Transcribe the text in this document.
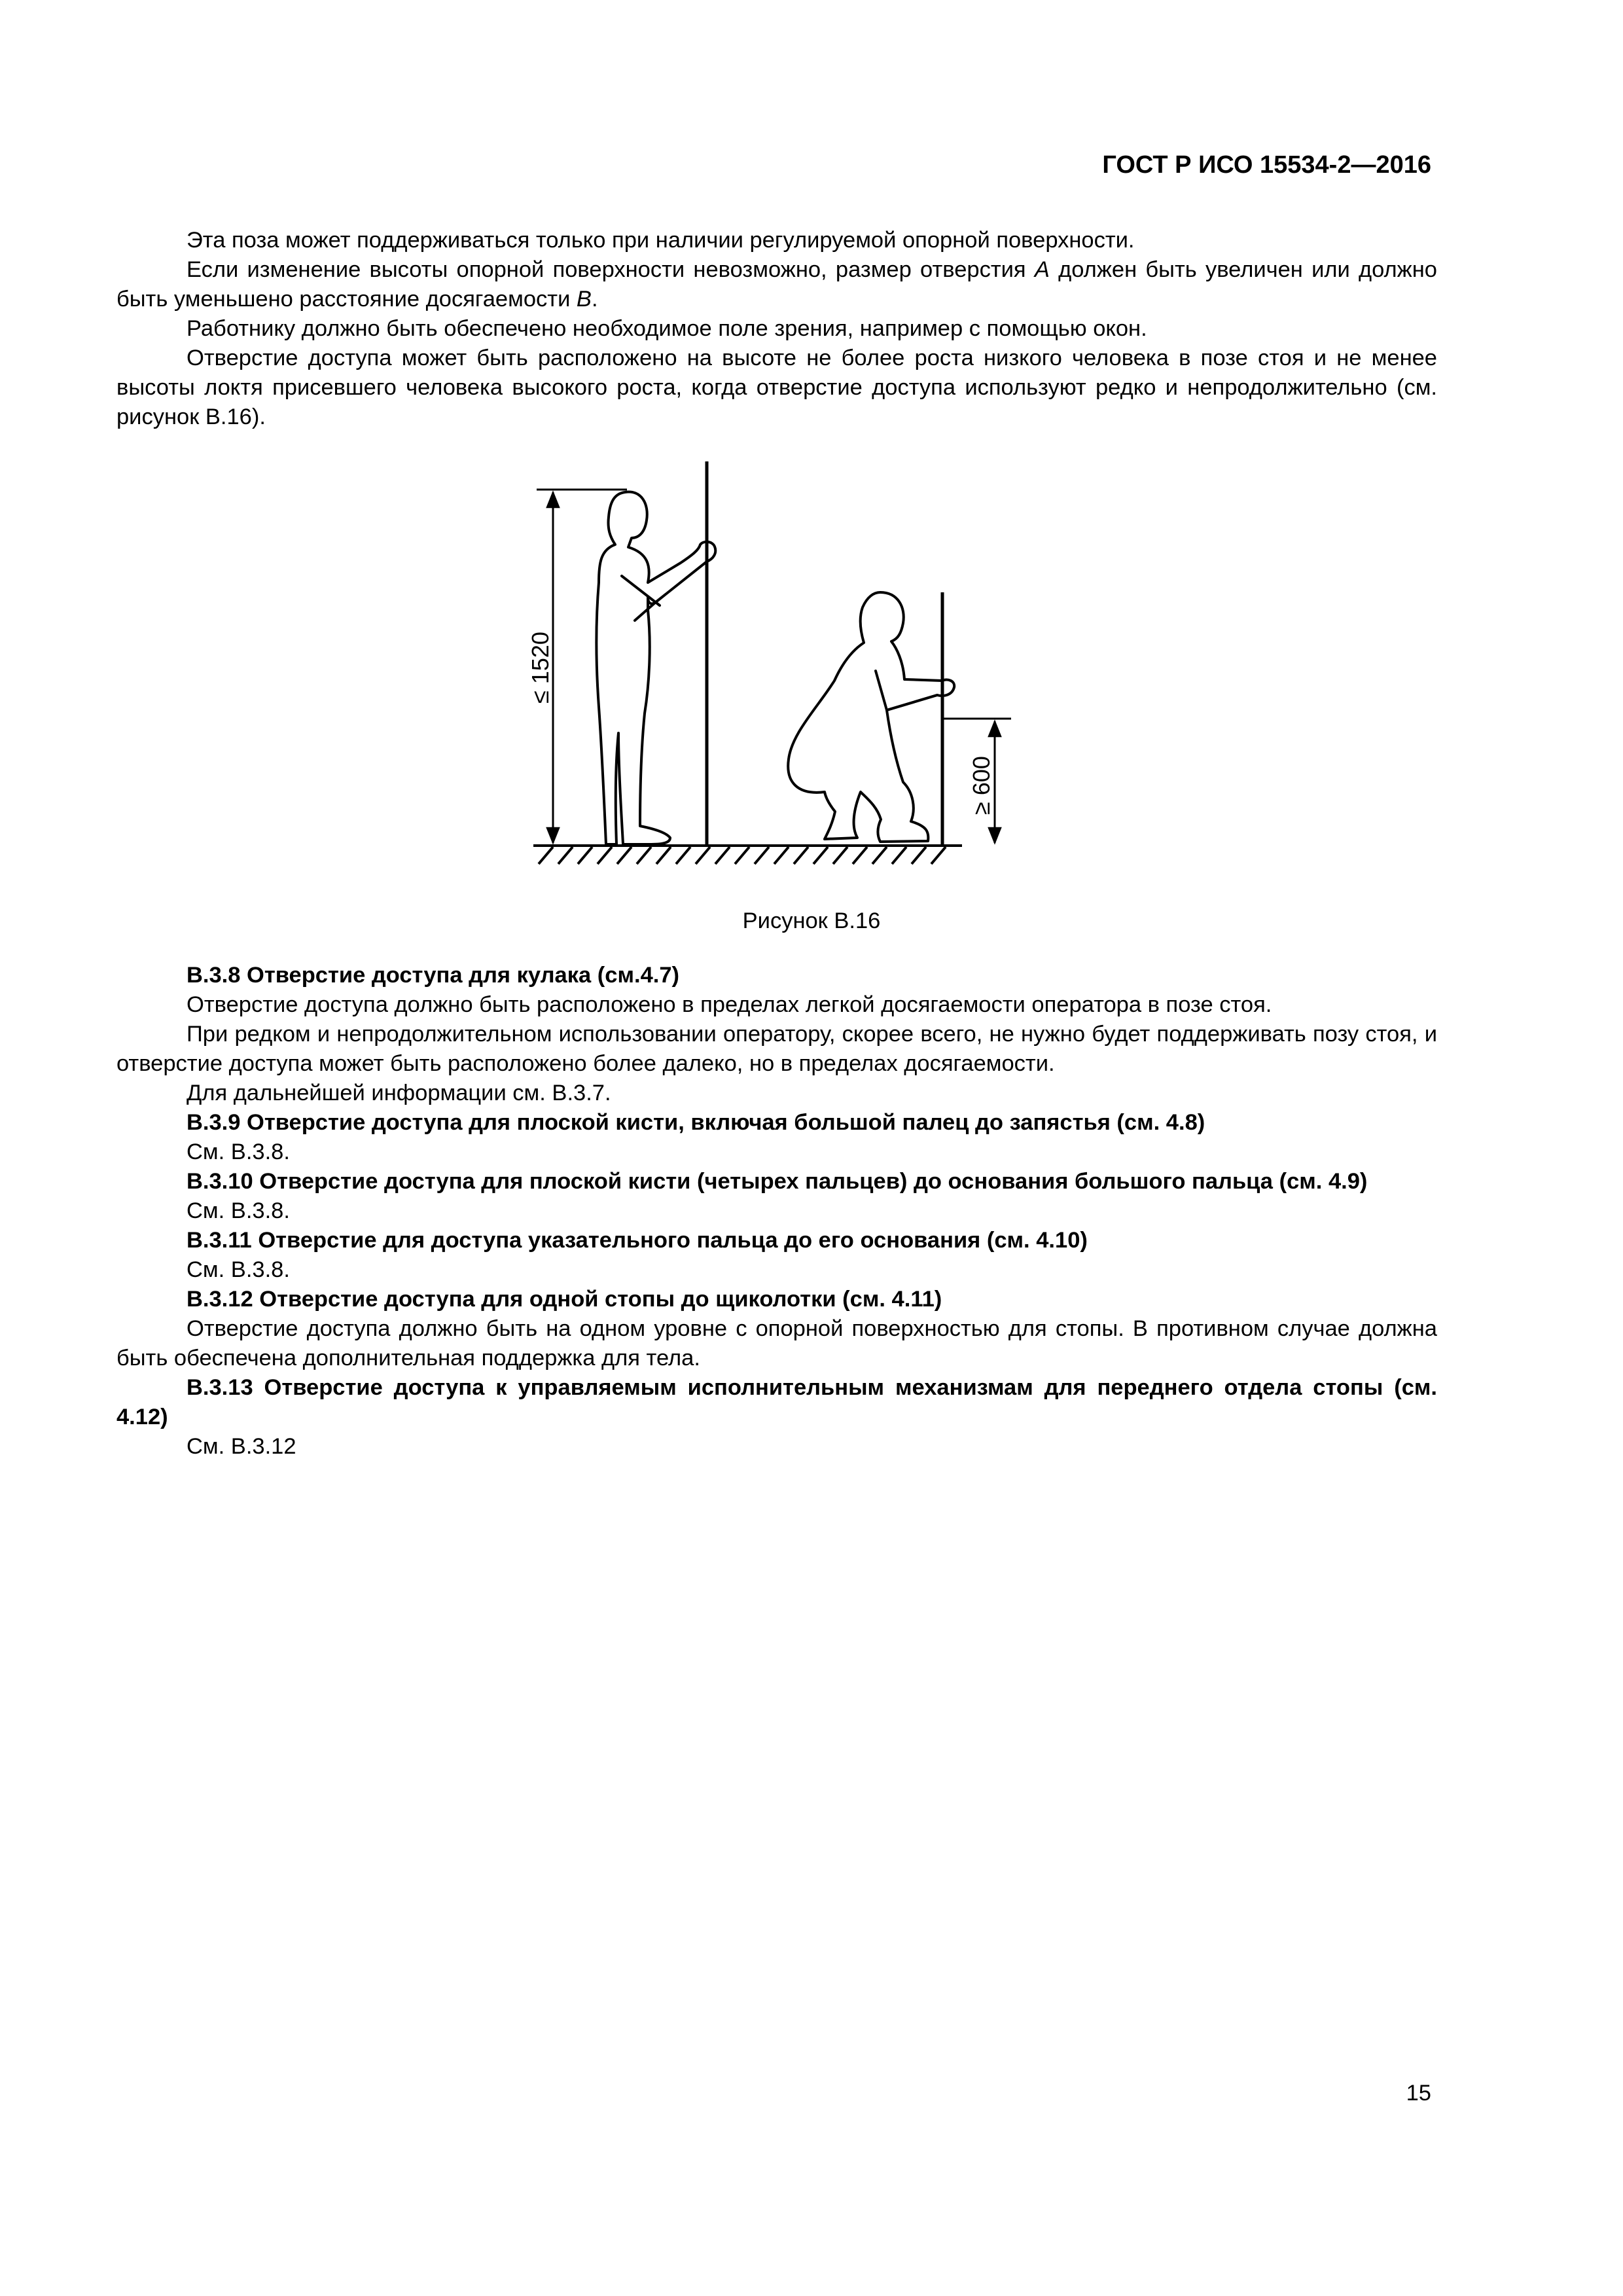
ГОСТ Р ИСО 15534-2—2016

Эта поза может поддерживаться только при наличии регулируемой опорной поверхности.

Если изменение высоты опорной поверхности невозможно, размер отверстия А должен быть увеличен или должно быть уменьшено расстояние досягаемости B.

Работнику должно быть обеспечено необходимое поле зрения, например с помощью окон.

Отверстие доступа может быть расположено на высоте не более роста низкого человека в позе стоя и не менее высоты локтя присевшего человека высокого роста, когда отверстие доступа используют редко и непродолжительно (см. рисунок В.16).

≤ 1520
≥ 600
Рисунок В.16

В.3.8 Отверстие доступа для кулака (см.4.7)

Отверстие доступа должно быть расположено в пределах легкой досягаемости оператора в позе стоя.

При редком и непродолжительном использовании оператору, скорее всего, не нужно будет поддерживать позу стоя, и отверстие доступа может быть расположено более далеко, но в пределах досягаемости.

Для дальнейшей информации см. В.3.7.

В.3.9 Отверстие доступа для плоской кисти, включая большой палец до запястья (см. 4.8)

См. В.3.8.

В.3.10 Отверстие доступа для плоской кисти (четырех пальцев) до основания большого пальца (см. 4.9)

См. В.3.8.

В.3.11 Отверстие для доступа указательного пальца до его основания (см. 4.10)

См. В.3.8.

В.3.12 Отверстие доступа для одной стопы до щиколотки (см. 4.11)

Отверстие доступа должно быть на одном уровне с опорной поверхностью для стопы. В противном случае должна быть обеспечена дополнительная поддержка для тела.

В.3.13 Отверстие доступа к управляемым исполнительным механизмам для переднего отдела стопы (см. 4.12)

См. В.3.12

15
